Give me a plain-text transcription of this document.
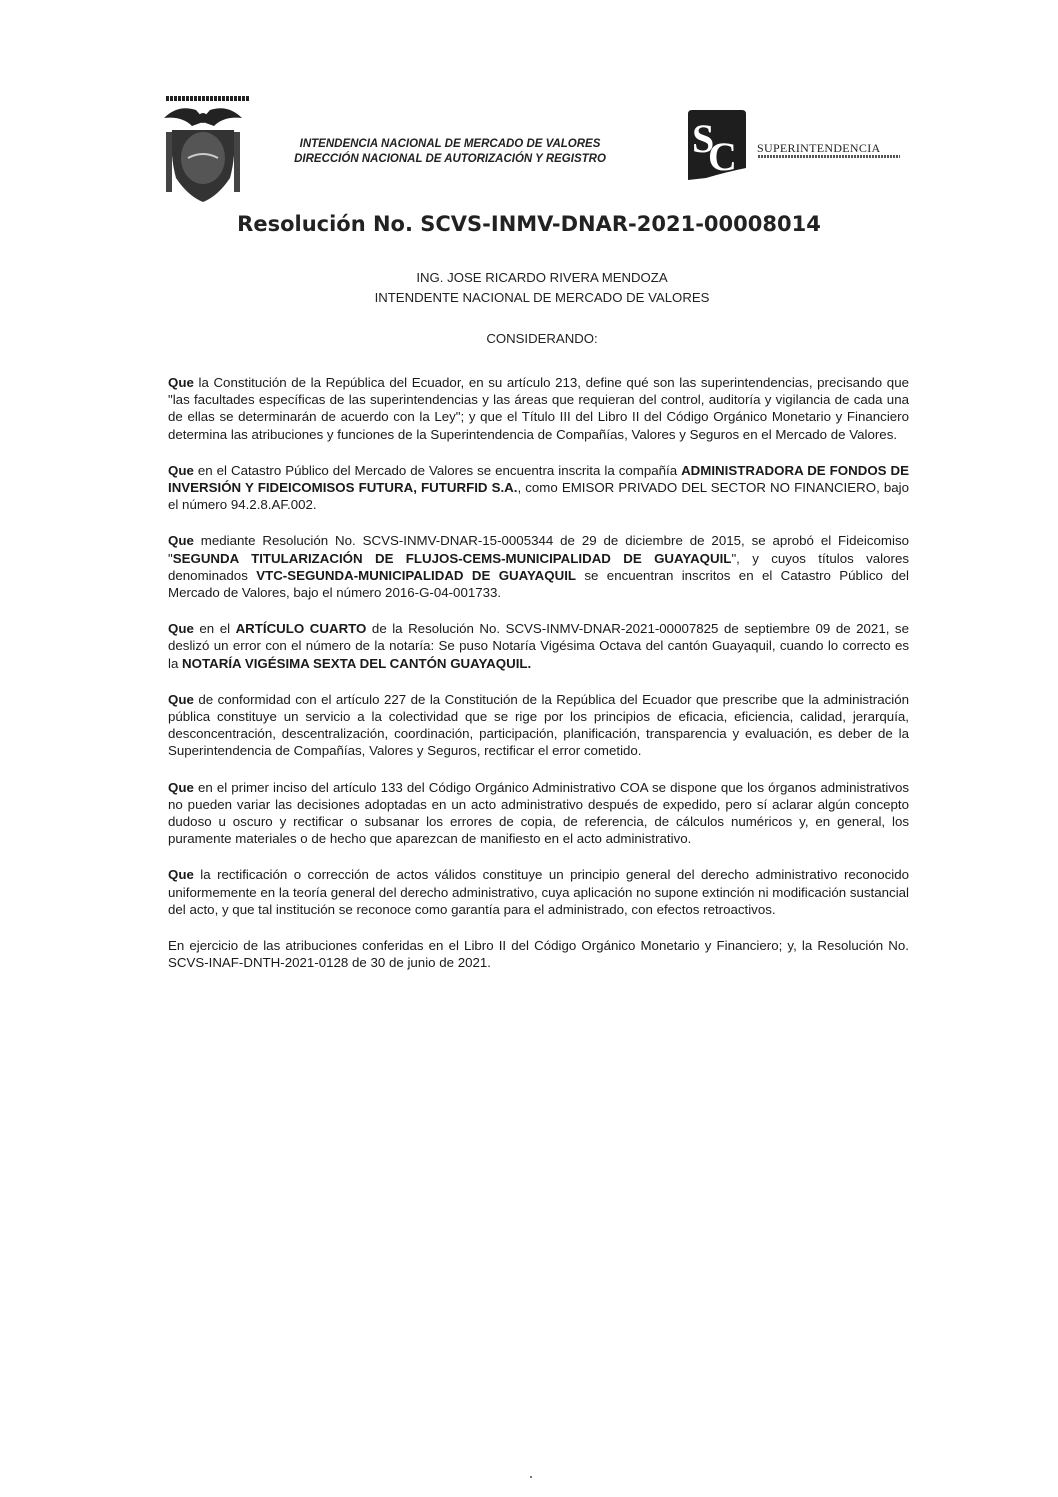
INTENDENCIA NACIONAL DE MERCADO DE VALORES
DIRECCIÓN NACIONAL DE AUTORIZACIÓN Y REGISTRO	S
C SUPERINTENDENCIA
Resolución No. SCVS-INMV-DNAR-2021-00008014
ING. JOSE RICARDO RIVERA MENDOZA
INTENDENTE NACIONAL DE MERCADO DE VALORES
CONSIDERANDO:

Que la Constitución de la República del Ecuador, en su artículo 213, define qué son las superintendencias, precisando que "las facultades específicas de las superintendencias y las áreas que requieran del control, auditoría y vigilancia de cada una de ellas se determinarán de acuerdo con la Ley"; y que el Título III del Libro II del Código Orgánico Monetario y Financiero determina las atribuciones y funciones de la Superintendencia de Compañías, Valores y Seguros en el Mercado de Valores.

Que en el Catastro Público del Mercado de Valores se encuentra inscrita la compañía ADMINISTRADORA DE FONDOS DE INVERSIÓN Y FIDEICOMISOS FUTURA, FUTURFID S.A., como EMISOR PRIVADO DEL SECTOR NO FINANCIERO, bajo el número 94.2.8.AF.002.

Que mediante Resolución No. SCVS-INMV-DNAR-15-0005344 de 29 de diciembre de 2015, se aprobó el Fideicomiso "SEGUNDA TITULARIZACIÓN DE FLUJOS-CEMS-MUNICIPALIDAD DE GUAYAQUIL", y cuyos títulos valores denominados VTC-SEGUNDA-MUNICIPALIDAD DE GUAYAQUIL se encuentran inscritos en el Catastro Público del Mercado de Valores, bajo el número 2016-G-04-001733.

Que en el ARTÍCULO CUARTO de la Resolución No. SCVS-INMV-DNAR-2021-00007825 de septiembre 09 de 2021, se deslizó un error con el número de la notaría: Se puso Notaría Vigésima Octava del cantón Guayaquil, cuando lo correcto es la NOTARÍA VIGÉSIMA SEXTA DEL CANTÓN GUAYAQUIL.

Que de conformidad con el artículo 227 de la Constitución de la República del Ecuador que prescribe que la administración pública constituye un servicio a la colectividad que se rige por los principios de eficacia, eficiencia, calidad, jerarquía, desconcentración, descentralización, coordinación, participación, planificación, transparencia y evaluación, es deber de la Superintendencia de Compañías, Valores y Seguros, rectificar el error cometido.

Que en el primer inciso del artículo 133 del Código Orgánico Administrativo COA se dispone que los órganos administrativos no pueden variar las decisiones adoptadas en un acto administrativo después de expedido, pero sí aclarar algún concepto dudoso u oscuro y rectificar o subsanar los errores de copia, de referencia, de cálculos numéricos y, en general, los puramente materiales o de hecho que aparezcan de manifiesto en el acto administrativo.

Que la rectificación o corrección de actos válidos constituye un principio general del derecho administrativo reconocido uniformemente en la teoría general del derecho administrativo, cuya aplicación no supone extinción ni modificación sustancial del acto, y que tal institución se reconoce como garantía para el administrado, con efectos retroactivos.

En ejercicio de las atribuciones conferidas en el Libro II del Código Orgánico Monetario y Financiero; y, la Resolución No. SCVS-INAF-DNTH-2021-0128 de 30 de junio de 2021.
